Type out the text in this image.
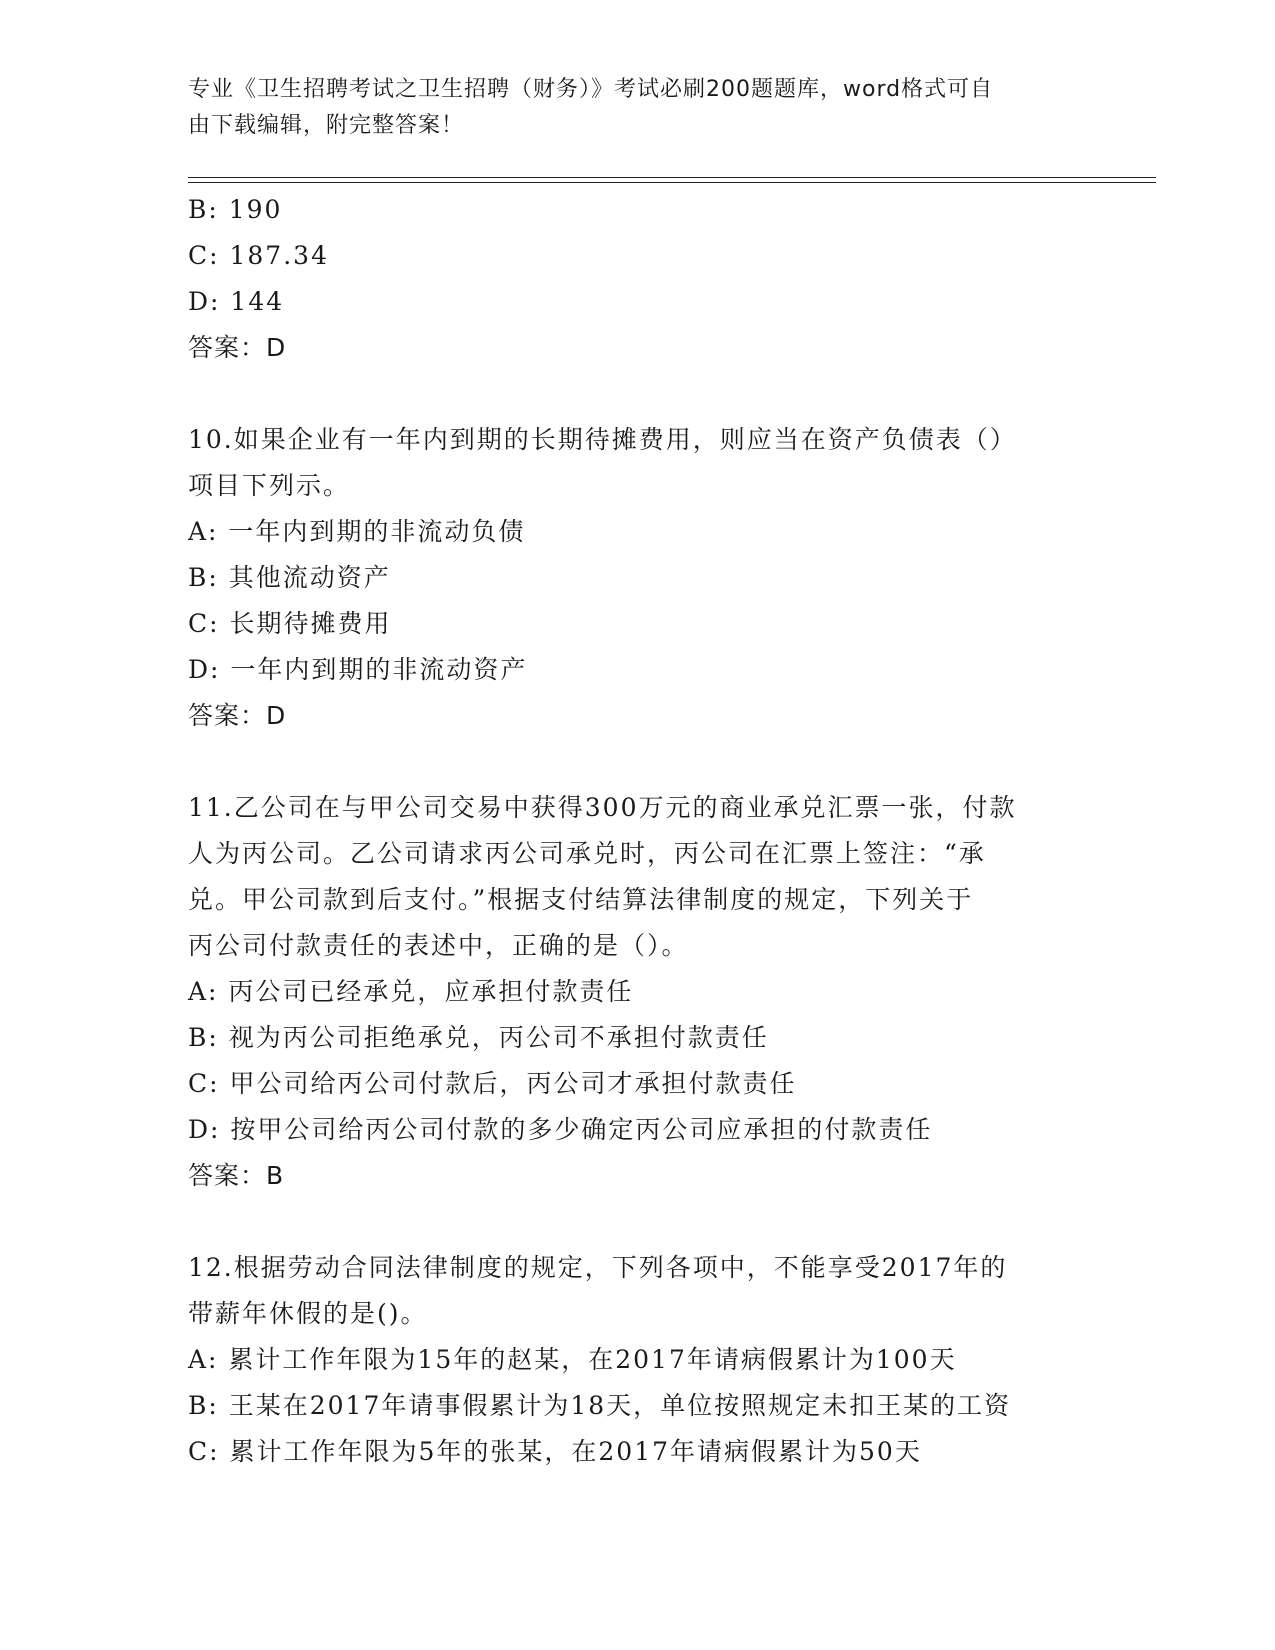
专业《卫生招聘考试之卫生招聘（财务）》考试必刷200题题库，word格式可自
由下载编辑，附完整答案！

B: 190

C: 187.34

D: 144

答案：D

10.如果企业有一年内到期的长期待摊费用，则应当在资产负债表（）

项目下列示。

A: 一年内到期的非流动负债

B: 其他流动资产

C: 长期待摊费用

D: 一年内到期的非流动资产

答案：D

11.乙公司在与甲公司交易中获得300万元的商业承兑汇票一张，付款

人为丙公司。乙公司请求丙公司承兑时，丙公司在汇票上签注：“承

兑。甲公司款到后支付。”根据支付结算法律制度的规定，下列关于

丙公司付款责任的表述中，正确的是（）。

A: 丙公司已经承兑，应承担付款责任

B: 视为丙公司拒绝承兑，丙公司不承担付款责任

C: 甲公司给丙公司付款后，丙公司才承担付款责任

D: 按甲公司给丙公司付款的多少确定丙公司应承担的付款责任

答案：B

12.根据劳动合同法律制度的规定，下列各项中，不能享受2017年的

带薪年休假的是()。

A: 累计工作年限为15年的赵某，在2017年请病假累计为100天

B: 王某在2017年请事假累计为18天，单位按照规定未扣王某的工资

C: 累计工作年限为5年的张某，在2017年请病假累计为50天
